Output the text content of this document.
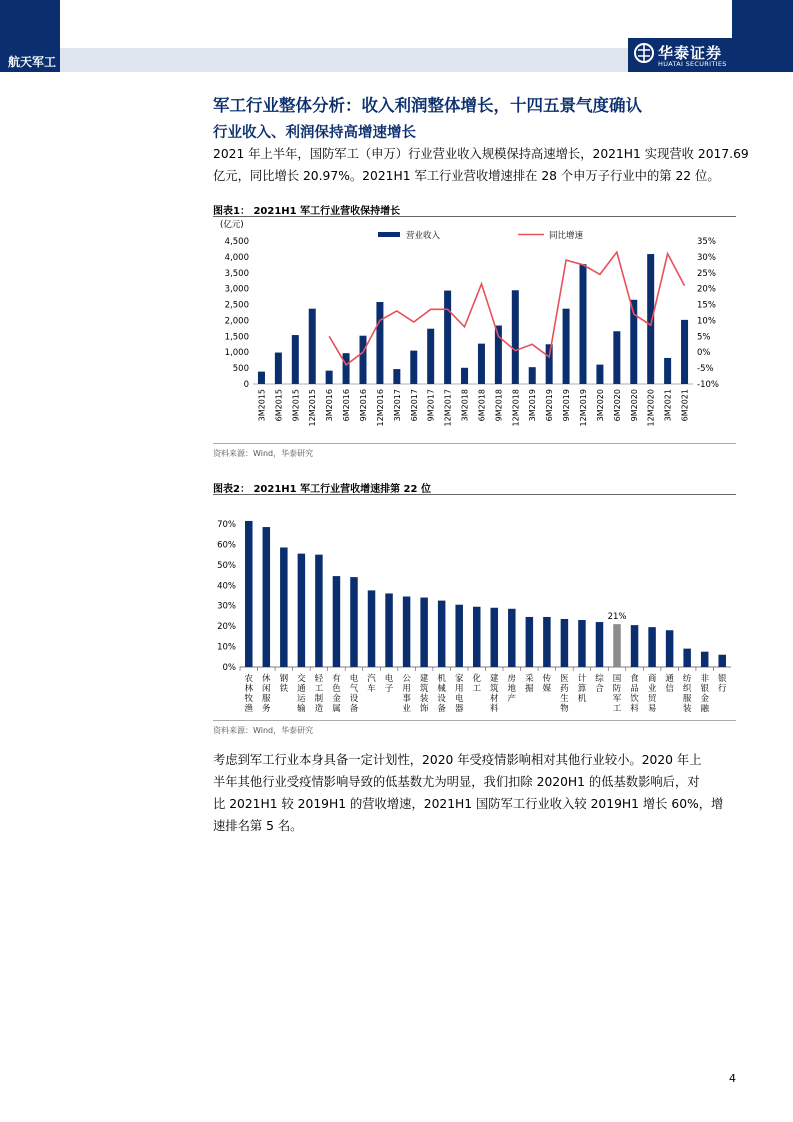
航天军工	华泰证券
HUATAI SECURITIES
军工行业整体分析：收入利润整体增长，十四五景气度确认
行业收入、利润保持高增速增长
2021 年上半年，国防军工（申万）行业营业收入规模保持高速增长，2021H1 实现营收 2017.69
亿元，同比增长 20.97%。2021H1 军工行业营收增速排在 28 个申万子行业中的第 22 位。
图表1： 2021H1 军工行业营收保持增长
(亿元)
4,500
4,000
3,500
3,000
2,500
2,000
1,500
1,000
500
0
35%
30%
25%
20%
15%
10%
5%
0%
-5%
-10%
3M2015 6M2015 9M2015 12M2015 3M2016 6M2016 9M2016 12M2016 3M2017 6M2017 9M2017 12M2017 3M2018 6M2018 9M2018 12M2018 3M2019 6M2019 9M2019 12M2019 3M2020 6M2020 9M2020 12M2020 3M2021 6M2021
营业收入	同比增速
资料来源：Wind，华泰研究
图表2： 2021H1 军工行业营收增速排第 22 位
70%
60%
50%
40%
30%
20%
10%
0%
21%
农林牧渔
休闲服务
钢铁
交通运输
轻工制造
有色金属
电气设备
汽车
电子
公用事业
建筑装饰
机械设备
家用电器
化工
建筑材料
房地产
采掘
传媒
医药生物
计算机
综合
国防军工
食品饮料
商业贸易
通信
纺织服装
非银金融
银行
资料来源：Wind，华泰研究
考虑到军工行业本身具备一定计划性，2020 年受疫情影响相对其他行业较小。2020 年上
半年其他行业受疫情影响导致的低基数尤为明显，我们扣除 2020H1 的低基数影响后，对
比 2021H1 较 2019H1 的营收增速，2021H1 国防军工行业收入较 2019H1 增长 60%，增
速排名第 5 名。
4
